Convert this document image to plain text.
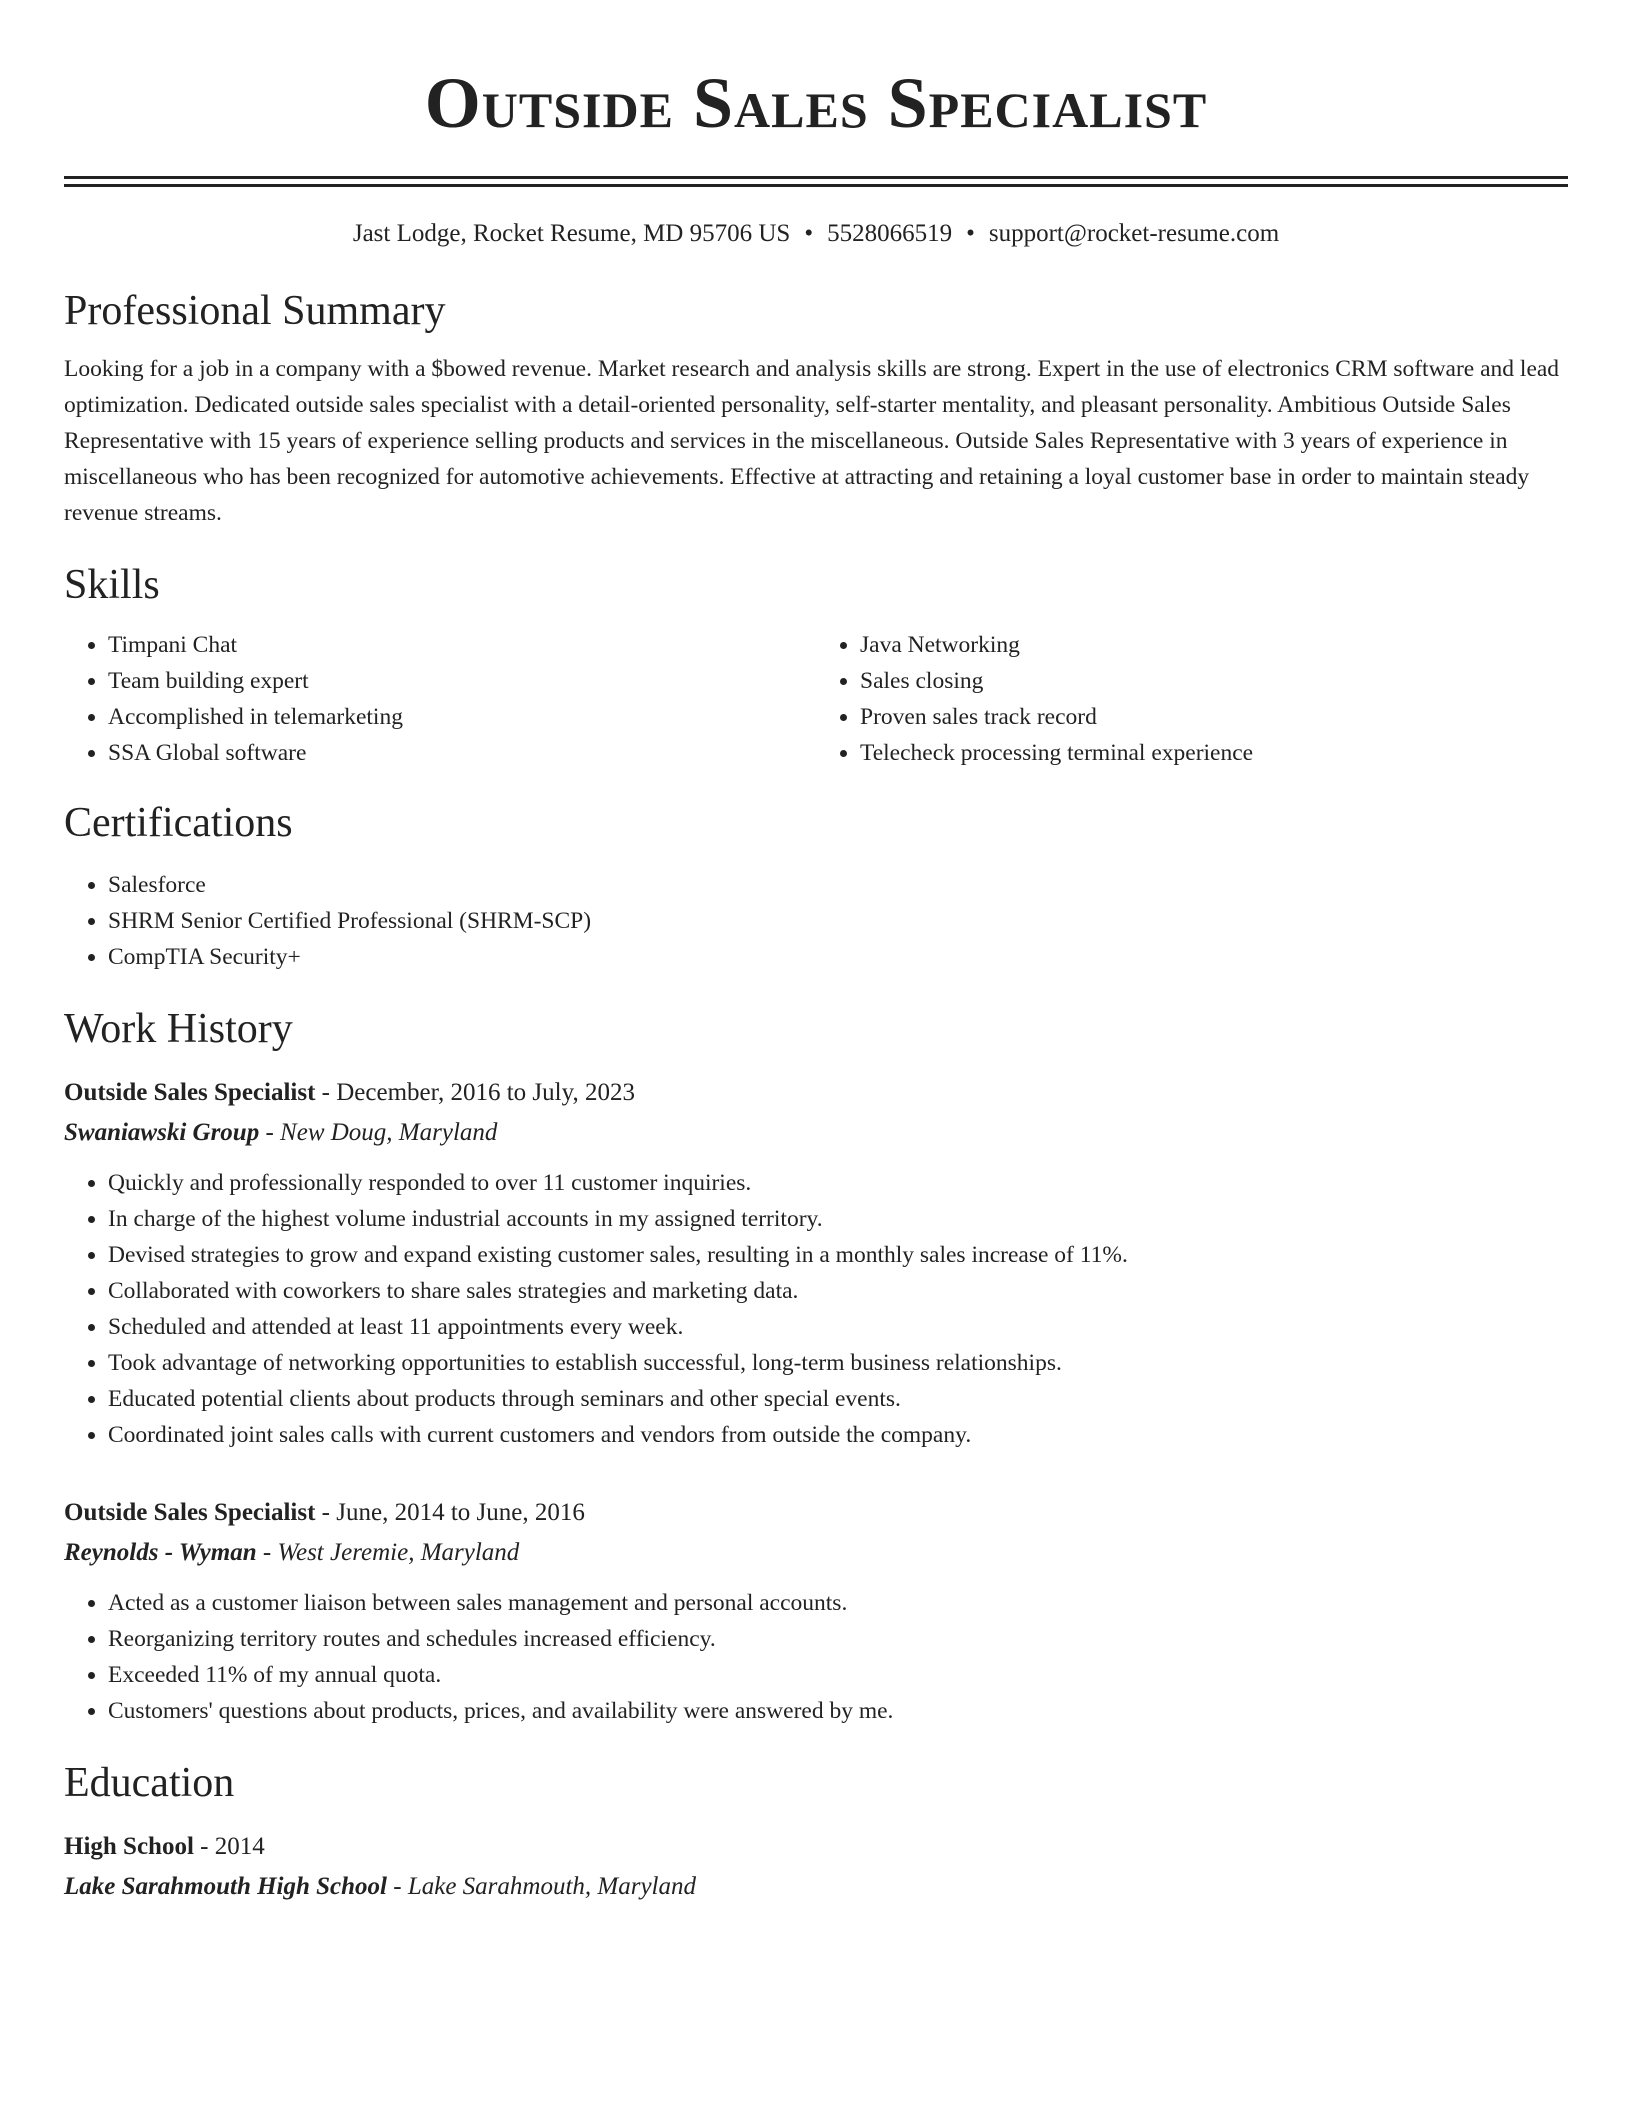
Outside Sales Specialist
Jast Lodge, Rocket Resume, MD 95706 US • 5528066519 • support@rocket-resume.com
Professional Summary

Looking for a job in a company with a $bowed revenue. Market research and analysis skills are strong. Expert in the use of electronics CRM software and lead optimization. Dedicated outside sales specialist with a detail-oriented personality, self-starter mentality, and pleasant personality. Ambitious Outside Sales Representative with 15 years of experience selling products and services in the miscellaneous. Outside Sales Representative with 3 years of experience in miscellaneous who has been recognized for automotive achievements. Effective at attracting and retaining a loyal customer base in order to maintain steady revenue streams.

Skills
• Timpani Chat
• Team building expert
• Accomplished in telemarketing
• SSA Global software
• Java Networking
• Sales closing
• Proven sales track record
• Telecheck processing terminal experience
Certifications
• Salesforce
• SHRM Senior Certified Professional (SHRM-SCP)
• CompTIA Security+
Work History
Outside Sales Specialist - December, 2016 to July, 2023
Swaniawski Group - New Doug, Maryland
• Quickly and professionally responded to over 11 customer inquiries.
• In charge of the highest volume industrial accounts in my assigned territory.
• Devised strategies to grow and expand existing customer sales, resulting in a monthly sales increase of 11%.
• Collaborated with coworkers to share sales strategies and marketing data.
• Scheduled and attended at least 11 appointments every week.
• Took advantage of networking opportunities to establish successful, long-term business relationships.
• Educated potential clients about products through seminars and other special events.
• Coordinated joint sales calls with current customers and vendors from outside the company.
Outside Sales Specialist - June, 2014 to June, 2016
Reynolds - Wyman - West Jeremie, Maryland
• Acted as a customer liaison between sales management and personal accounts.
• Reorganizing territory routes and schedules increased efficiency.
• Exceeded 11% of my annual quota.
• Customers' questions about products, prices, and availability were answered by me.
Education
High School - 2014
Lake Sarahmouth High School - Lake Sarahmouth, Maryland
